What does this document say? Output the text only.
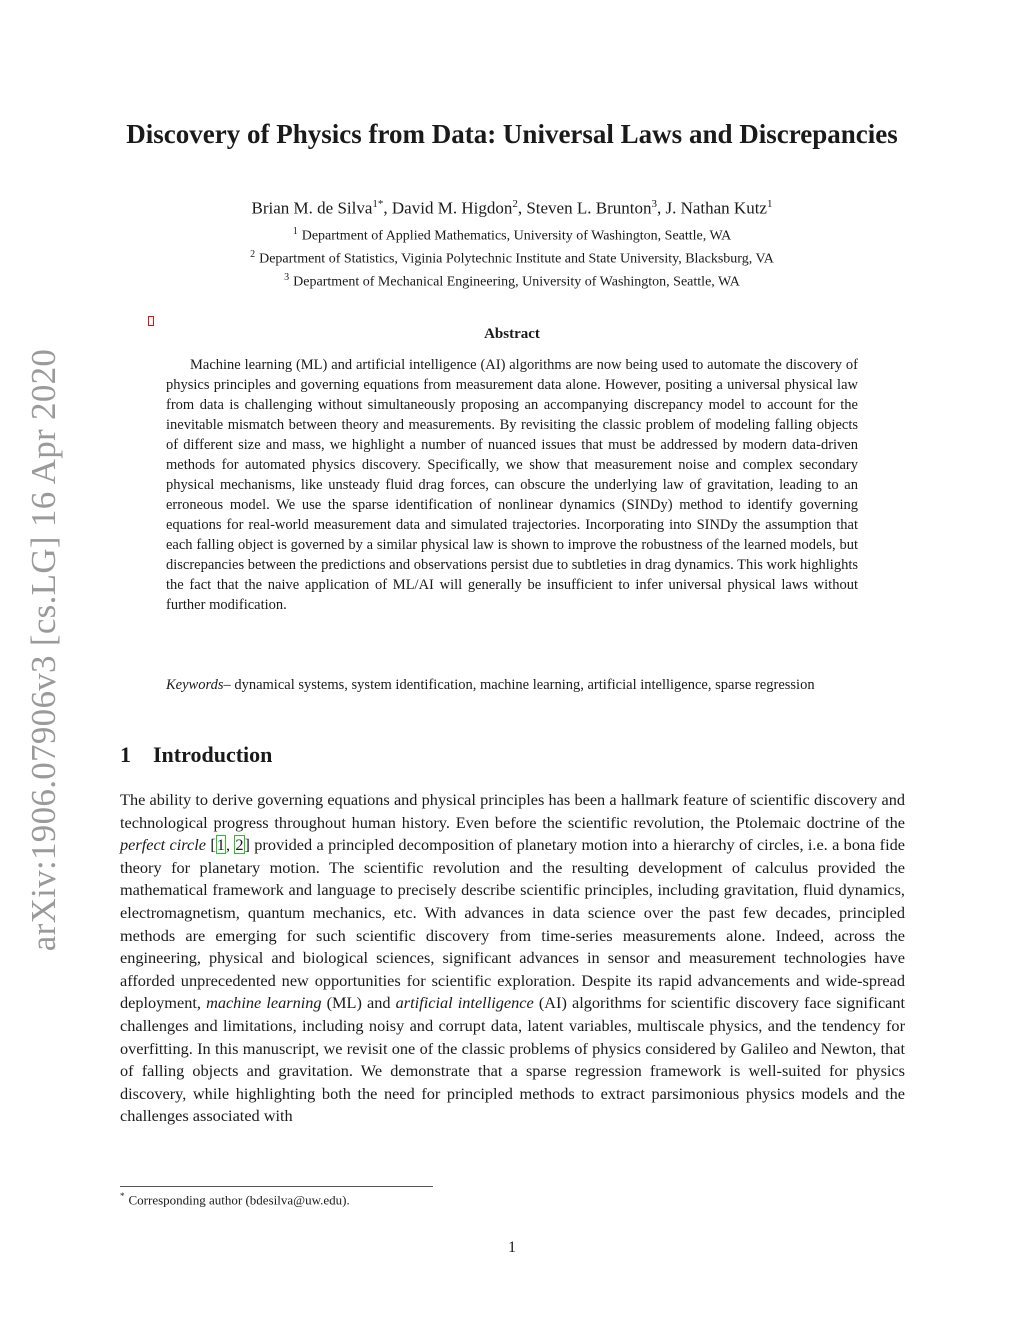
arXiv:1906.07906v3 [cs.LG] 16 Apr 2020
Discovery of Physics from Data: Universal Laws and Discrepancies
Brian M. de Silva$^{1*}$, David M. Higdon$^2$, Steven L. Brunton$^3$, J. Nathan Kutz$^1$
$^1$ Department of Applied Mathematics, University of Washington, Seattle, WA
$^2$ Department of Statistics, Viginia Polytechnic Institute and State University, Blacksburg, VA
$^3$ Department of Mechanical Engineering, University of Washington, Seattle, WA
Abstract
Machine learning (ML) and artificial intelligence (AI) algorithms are now being used to automate the discovery of physics principles and governing equations from measurement data alone. However, positing a universal physical law from data is challenging without simultaneously proposing an accompanying discrepancy model to account for the inevitable mismatch between theory and measurements. By revisiting the classic problem of modeling falling objects of different size and mass, we highlight a number of nuanced issues that must be addressed by modern data-driven methods for automated physics discovery. Specifically, we show that measurement noise and complex secondary physical mechanisms, like unsteady fluid drag forces, can obscure the underlying law of gravitation, leading to an erroneous model. We use the sparse identification of nonlinear dynamics (SINDy) method to identify governing equations for real-world measurement data and simulated trajectories. Incorporating into SINDy the assumption that each falling object is governed by a similar physical law is shown to improve the robustness of the learned models, but discrepancies between the predictions and observations persist due to subtleties in drag dynamics. This work highlights the fact that the naive application of ML/AI will generally be insufficient to infer universal physical laws without further modification.
Keywords– dynamical systems, system identification, machine learning, artificial intelligence, sparse regression
1 Introduction
The ability to derive governing equations and physical principles has been a hallmark feature of scientific discovery and technological progress throughout human history. Even before the scientific revolution, the Ptolemaic doctrine of the perfect circle [1, 2] provided a principled decomposition of planetary motion into a hierarchy of circles, i.e. a bona fide theory for planetary motion. The scientific revolution and the resulting development of calculus provided the mathematical framework and language to precisely describe scientific principles, including gravitation, fluid dynamics, electromagnetism, quantum mechanics, etc. With advances in data science over the past few decades, principled methods are emerging for such scientific discovery from time-series measurements alone. Indeed, across the engineering, physical and biological sciences, significant advances in sensor and measurement technologies have afforded unprecedented new opportunities for scientific exploration. Despite its rapid advancements and wide-spread deployment, machine learning (ML) and artificial intelligence (AI) algorithms for scientific discovery face significant challenges and limitations, including noisy and corrupt data, latent variables, multiscale physics, and the tendency for overfitting. In this manuscript, we revisit one of the classic problems of physics considered by Galileo and Newton, that of falling objects and gravitation. We demonstrate that a sparse regression framework is well-suited for physics discovery, while highlighting both the need for principled methods to extract parsimonious physics models and the challenges associated with
* Corresponding author (bdesilva@uw.edu).
1
